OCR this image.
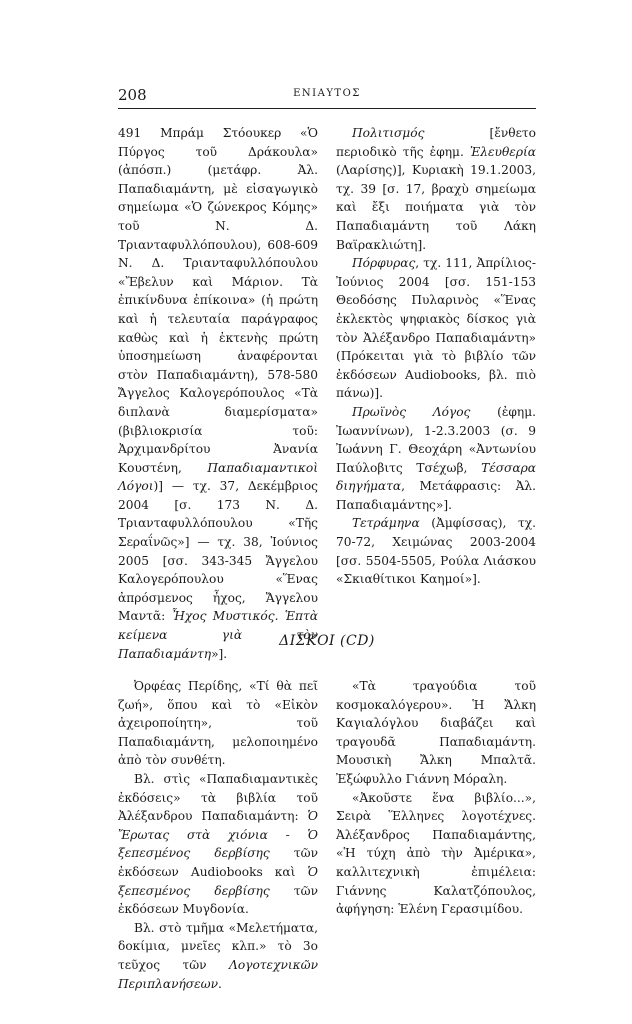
208	ΕΝΙΑΥΤΟΣ

491 Μπράμ Στόουκερ «Ὁ Πύργος τοῦ Δράκουλα» (ἀπόσπ.) (μετάφρ. Ἀλ. Παπαδιαμάντη, μὲ εἰσαγωγικὸ σημείωμα «Ὁ ζώνεκρος Κόμης» τοῦ Ν. Δ. Τριανταφυλλόπουλου), 608-609 Ν. Δ. Τριανταφυλλόπουλου «Ἔβελυν καὶ Μάριον. Τὰ ἐπικίνδυνα ἐπίκοινα» (ἡ πρώτη καὶ ἡ τελευταία παράγραφος καθὼς καὶ ἡ ἐκτενὴς πρώτη ὑποσημείωση ἀναφέρονται στὸν Παπαδιαμάντη), 578-580 Ἄγγελος Καλογερόπουλος «Τὰ διπλανὰ διαμερίσματα» (βιβλιοκρισία τοῦ: Ἀρχιμανδρίτου Ἀνανία Κουστένη, Παπαδιαμαντικοὶ Λόγοι)] — τχ. 37, Δεκέμβριος 2004 [σ. 173 Ν. Δ. Τριανταφυλλόπουλου «Τῆς Σεραΐνῶς»] — τχ. 38, Ἰούνιος 2005 [σσ. 343-345 Ἄγγελου Καλογερόπουλου «Ἕνας ἀπρόσμενος ἦχος, Ἄγγελου Μαντᾶ: Ἦχος Μυστικός. Ἑπτὰ κείμενα γιὰ τὸν Παπαδιαμάντη»].

Πολιτισμός [ἔνθετο περιοδικὸ τῆς ἐφημ. Ἐλευθερία (Λαρίσης)], Κυριακὴ 19.1.2003, τχ. 39 [σ. 17, βραχὺ σημείωμα καὶ ἔξι ποιήματα γιὰ τὸν Παπαδιαμάντη τοῦ Λάκη Βαϊρακλιώτη].

Πόρφυρας, τχ. 111, Ἀπρίλιος-Ἰούνιος 2004 [σσ. 151-153 Θεοδόσης Πυλαρινὸς «Ἕνας ἐκλεκτὸς ψηφιακὸς δίσκος γιὰ τὸν Ἀλέξανδρο Παπαδιαμάντη» (Πρόκειται γιὰ τὸ βιβλίο τῶν ἐκδόσεων Audiobooks, βλ. πιὸ πάνω)].

Πρωϊνὸς Λόγος (ἐφημ. Ἰωαννίνων), 1-2.3.2003 (σ. 9 Ἰωάννη Γ. Θεοχάρη «Ἀντωνίου Παύλοβιτς Τσέχωβ, Τέσσαρα διηγήματα, Μετάφρασις: Ἀλ. Παπαδιαμάντης»].

Τετράμηνα (Ἀμφίσσας), τχ. 70-72, Χειμώνας 2003-2004 [σσ. 5504-5505, Ρούλα Λιάσκου «Σκιαθίτικοι Καημοί»].

ΔΙΣΚΟΙ (CD)

Ὀρφέας Περίδης, «Τί θὰ πεῖ ζωή», ὅπου καὶ τὸ «Εἰκὸν ἀχειροποίητη», τοῦ Παπαδιαμάντη, μελοποιημένο ἀπὸ τὸν συνθέτη.

Βλ. στὶς «Παπαδιαμαντικὲς ἐκδόσεις» τὰ βιβλία τοῦ Ἀλέξανδρου Παπαδιαμάντη: Ὁ Ἔρωτας στὰ χιόνια - Ὁ ξεπεσμένος δερβίσης τῶν ἐκδόσεων Audiobooks καὶ Ὁ ξεπεσμένος δερβίσης τῶν ἐκδόσεων Μυγδονία.

Βλ. στὸ τμῆμα «Μελετήματα, δοκίμια, μνεῖες κλπ.» τὸ 3ο τεῦχος τῶν Λογοτεχνικῶν Περιπλανήσεων.

«Τὰ τραγούδια τοῦ κοσμοκαλόγερου». Ἡ Ἄλκη Καγιαλόγλου διαβάζει καὶ τραγουδᾶ Παπαδιαμάντη. Μουσικὴ Ἄλκη Μπαλτᾶ. Ἐξώφυλλο Γιάννη Μόραλη.

«Ἀκοῦστε ἕνα βιβλίο...», Σειρὰ Ἕλληνες λογοτέχνες. Ἀλέξανδρος Παπαδιαμάντης, «Ἡ τύχη ἀπὸ τὴν Ἀμέρικα», καλλιτεχνικὴ ἐπιμέλεια: Γιάννης Καλατζόπουλος, ἀφήγηση: Ἑλένη Γερασιμίδου.
